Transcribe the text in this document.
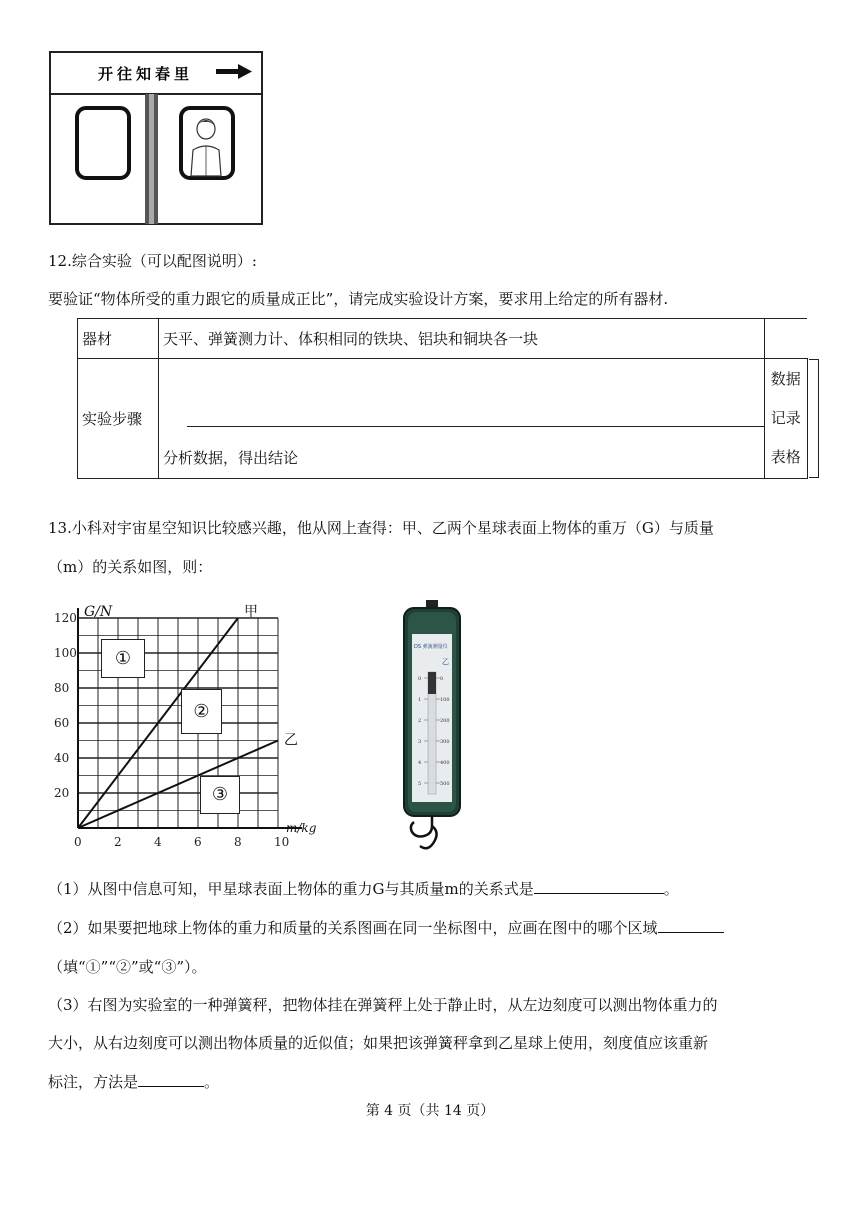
开往知春里
12.综合实验（可以配图说明）:
要验证“物体所受的重力跟它的质量成正比”，请完成实验设计方案，要求用上给定的所有器材.
器材	天平、弹簧测力计、体积相同的铁块、铝块和铜块各一块	
实验步骤	分析数据，得出结论	数据
记录
表格
13.小科对宇宙星空知识比较感兴趣，他从网上查得：甲、乙两个星球表面上物体的重万（G）与质量
（m）的关系如图，则：
0	2	4	6	8	10
20
40
60
80
100
120 G/N
m/kg
甲
乙
①
②
③
DS 弹簧测量仪
乙
0
1
2
3
4
5
0
100
200
300
400
500
（1）从图中信息可知，甲星球表面上物体的重力G与其质量m的关系式是	。
（2）如果要把地球上物体的重力和质量的关系图画在同一坐标图中，应画在图中的哪个区域
（填“①”“②”或“③”）。
（3）右图为实验室的一种弹簧秤，把物体挂在弹簧秤上处于静止时，从左边刻度可以测出物体重力的
大小，从右边刻度可以测出物体质量的近似值；如果把该弹簧秤拿到乙星球上使用，刻度值应该重新
标注，方法是	。
第 4 页（共 14 页）
